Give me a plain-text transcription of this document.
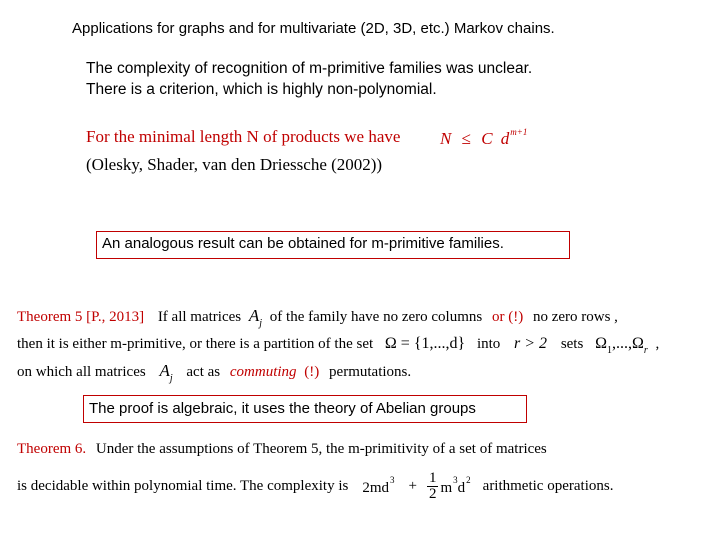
Applications for graphs and for multivariate (2D, 3D, etc.) Markov chains.
The complexity of recognition of m-primitive families was unclear.
There is a criterion, which is highly non-polynomial.
For the minimal length N of products we have N ≤ C $d^{m+1}$
(Olesky, Shader, van den Driessche (2002))
An analogous result can be obtained for m-primitive families.
Theorem 5 [P., 2013] If all matrices $A_j$ of the family have no zero columns or (!) no zero rows ,
then it is either m-primitive, or there is a partition of the set Ω = {1,...,d} into r > 2 sets $\Omega_1,...,\Omega_r$ ,
on which all matrices $A_j$ act as commuting (!) permutations.
The proof is algebraic, it uses the theory of Abelian groups
Theorem 6. Under the assumptions of Theorem 5, the m-primitivity of a set of matrices
is decidable within polynomial time. The complexity is $2md^3 + \frac{1}{2} m^3d^2$ arithmetic operations.
